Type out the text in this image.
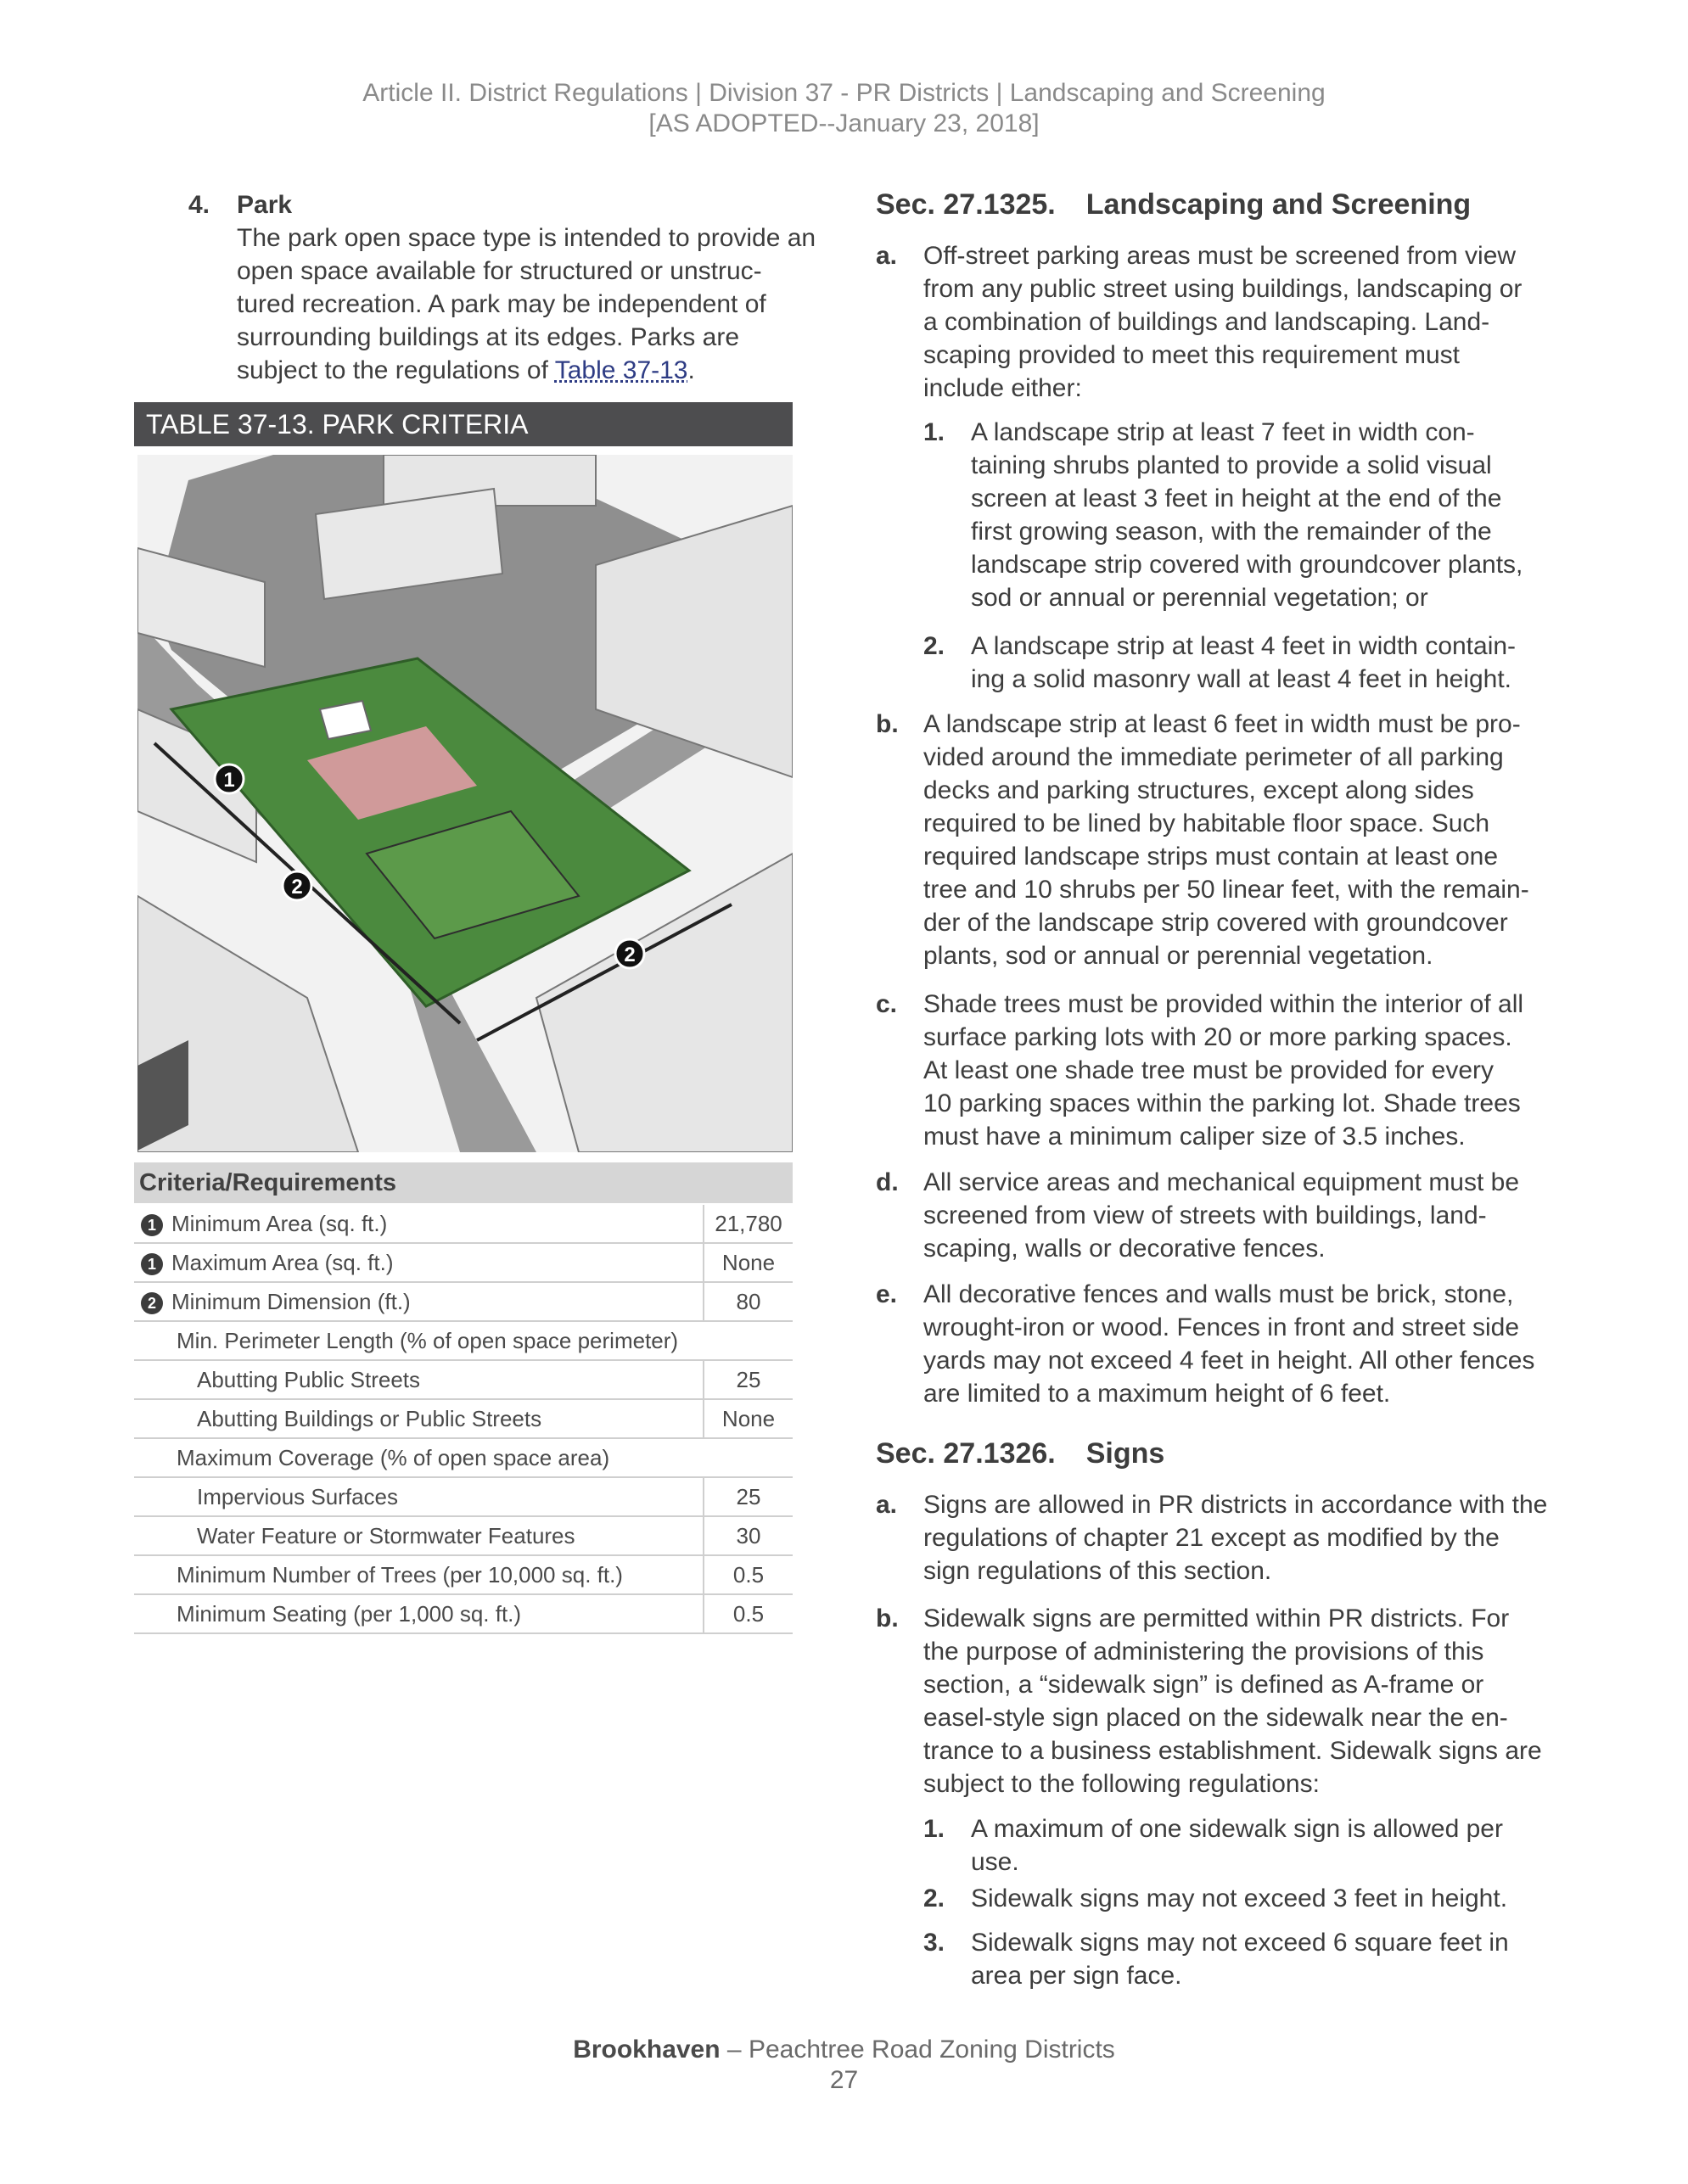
Article II. District Regulations | Division 37 - PR Districts | Landscaping and Screening
[AS ADOPTED--January 23, 2018]
4. Park
The park open space type is intended to provide an open space available for structured or unstruc- tured recreation. A park may be independent of surrounding buildings at its edges. Parks are subject to the regulations of Table 37-13.
TABLE 37-13. PARK CRITERIA
1
2
2
Criteria/Requirements
1 Minimum Area (sq. ft.)	21,780
1 Maximum Area (sq. ft.)	None
2 Minimum Dimension (ft.)	80
Min. Perimeter Length (% of open space perimeter)	
Abutting Public Streets	25
Abutting Buildings or Public Streets	None
Maximum Coverage (% of open space area)	
Impervious Surfaces	25
Water Feature or Stormwater Features	30
Minimum Number of Trees (per 10,000 sq. ft.)	0.5
Minimum Seating (per 1,000 sq. ft.)	0.5
Sec. 27.1325. Landscaping and Screening
a. Off-street parking areas must be screened from view
from any public street using buildings, landscaping or
a combination of buildings and landscaping. Land-
scaping provided to meet this requirement must
include either:
1. A landscape strip at least 7 feet in width con-
taining shrubs planted to provide a solid visual
screen at least 3 feet in height at the end of the
first growing season, with the remainder of the
landscape strip covered with groundcover plants,
sod or annual or perennial vegetation; or
2. A landscape strip at least 4 feet in width contain-
ing a solid masonry wall at least 4 feet in height.
b. A landscape strip at least 6 feet in width must be pro-
vided around the immediate perimeter of all parking
decks and parking structures, except along sides
required to be lined by habitable floor space. Such
required landscape strips must contain at least one
tree and 10 shrubs per 50 linear feet, with the remain-
der of the landscape strip covered with groundcover
plants, sod or annual or perennial vegetation.
c. Shade trees must be provided within the interior of all
surface parking lots with 20 or more parking spaces.
At least one shade tree must be provided for every
10 parking spaces within the parking lot. Shade trees
must have a minimum caliper size of 3.5 inches.
d. All service areas and mechanical equipment must be
screened from view of streets with buildings, land-
scaping, walls or decorative fences.
e. All decorative fences and walls must be brick, stone,
wrought-iron or wood. Fences in front and street side
yards may not exceed 4 feet in height. All other fences
are limited to a maximum height of 6 feet.
a. Signs are allowed in PR districts in accordance with the
regulations of chapter 21 except as modified by the
sign regulations of this section.
b. Sidewalk signs are permitted within PR districts. For
the purpose of administering the provisions of this
section, a “sidewalk sign” is defined as A-frame or
easel-style sign placed on the sidewalk near the en-
trance to a business establishment. Sidewalk signs are
subject to the following regulations:
1. A maximum of one sidewalk sign is allowed per
use.
2. Sidewalk signs may not exceed 3 feet in height.
3. Sidewalk signs may not exceed 6 square feet in
area per sign face.
Sec. 27.1326. Signs
Brookhaven – Peachtree Road Zoning Districts
27
